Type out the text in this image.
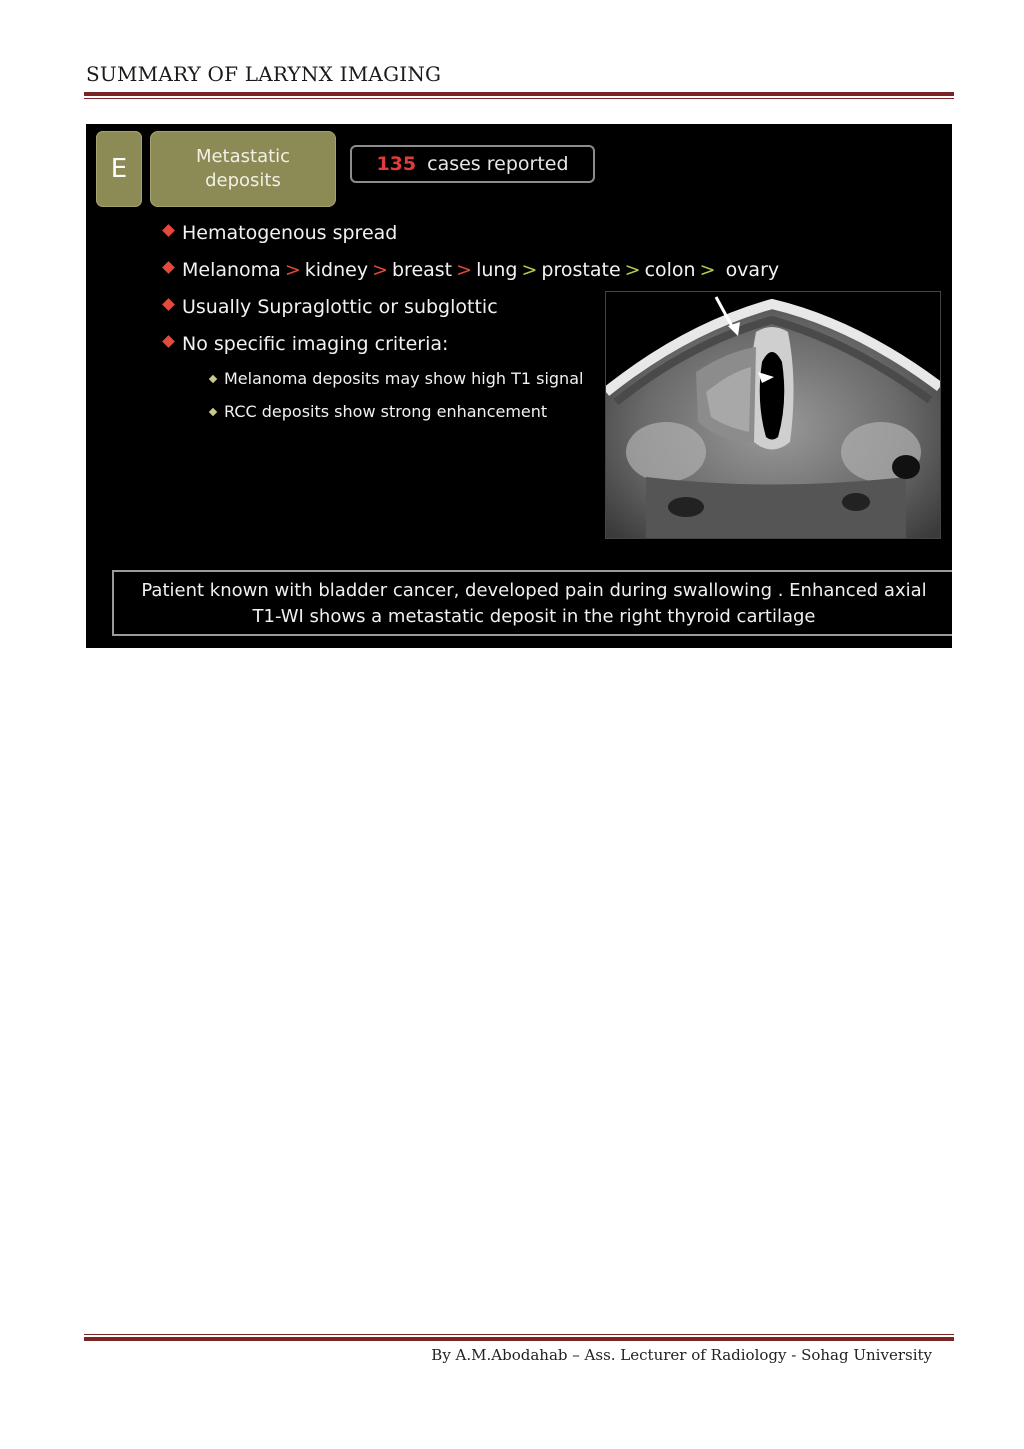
SUMMARY OF LARYNX IMAGING
E	Metastatic
deposits
135 cases reported
Hematogenous spread
Melanoma > kidney > breast > lung > prostate > colon > ovary
Usually Supraglottic or subglottic
No specific imaging criteria:
Melanoma deposits may show high T1 signal
RCC deposits show strong enhancement
Patient known with bladder cancer, developed pain during swallowing . Enhanced axial
T1-WI shows a metastatic deposit in the right thyroid cartilage
By A.M.Abodahab – Ass. Lecturer of Radiology - Sohag University
